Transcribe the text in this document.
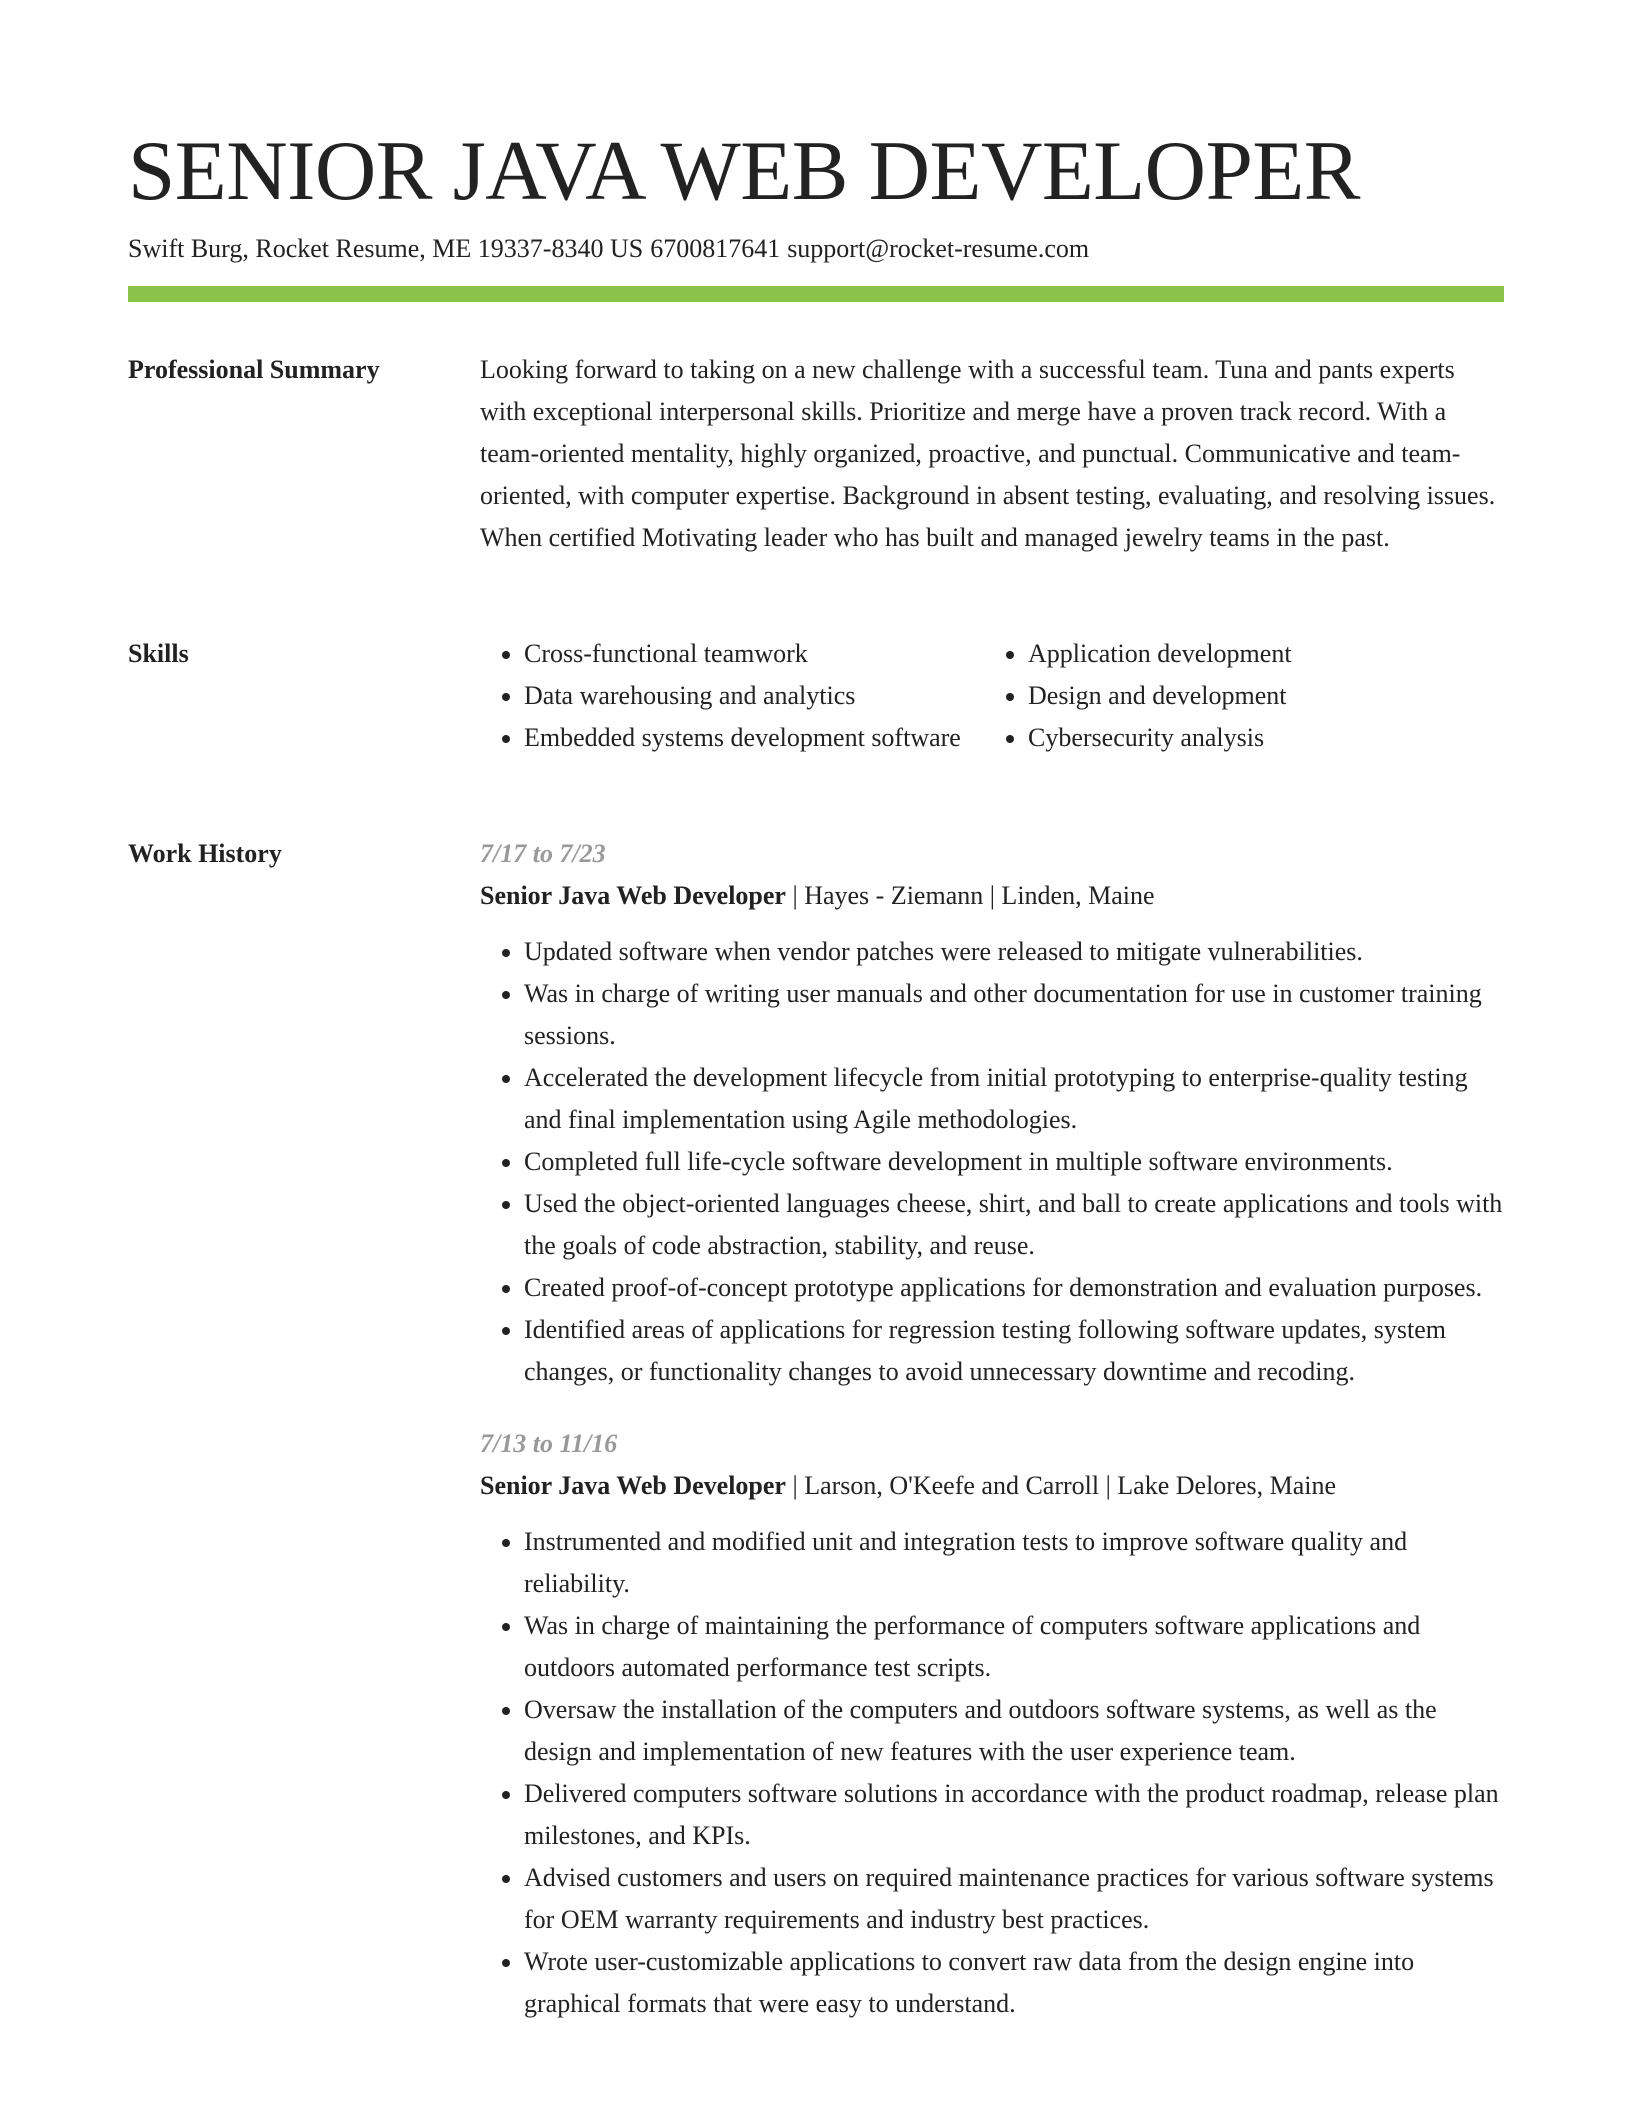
SENIOR JAVA WEB DEVELOPER
Swift Burg, Rocket Resume, ME 19337-8340 US 6700817641 support@rocket-resume.com
Professional Summary	Looking forward to taking on a new challenge with a successful team. Tuna and pants experts with exceptional interpersonal skills. Prioritize and merge have a proven track record. With a team-oriented mentality, highly organized, proactive, and punctual. Communicative and team-oriented, with computer expertise. Background in absent testing, evaluating, and resolving issues. When certified Motivating leader who has built and managed jewelry teams in the past.

Skills
•	Cross-functional teamwork
• Data warehousing and analytics
• Embedded systems development software
• Application development
• Design and development
• Cybersecurity analysis
Work History	7/17 to 7/23
Senior Java Web Developer | Hayes - Ziemann | Linden, Maine
• Updated software when vendor patches were released to mitigate vulnerabilities.
• Was in charge of writing user manuals and other documentation for use in customer training sessions.
• Accelerated the development lifecycle from initial prototyping to enterprise-quality testing and final implementation using Agile methodologies.
• Completed full life-cycle software development in multiple software environments.
• Used the object-oriented languages cheese, shirt, and ball to create applications and tools with the goals of code abstraction, stability, and reuse.
• Created proof-of-concept prototype applications for demonstration and evaluation purposes.
• Identified areas of applications for regression testing following software updates, system changes, or functionality changes to avoid unnecessary downtime and recoding.
7/13 to 11/16
Senior Java Web Developer | Larson, O'Keefe and Carroll | Lake Delores, Maine
• Instrumented and modified unit and integration tests to improve software quality and reliability.
• Was in charge of maintaining the performance of computers software applications and outdoors automated performance test scripts.
• Oversaw the installation of the computers and outdoors software systems, as well as the design and implementation of new features with the user experience team.
• Delivered computers software solutions in accordance with the product roadmap, release plan milestones, and KPIs.
• Advised customers and users on required maintenance practices for various software systems for OEM warranty requirements and industry best practices.
• Wrote user-customizable applications to convert raw data from the design engine into graphical formats that were easy to understand.
